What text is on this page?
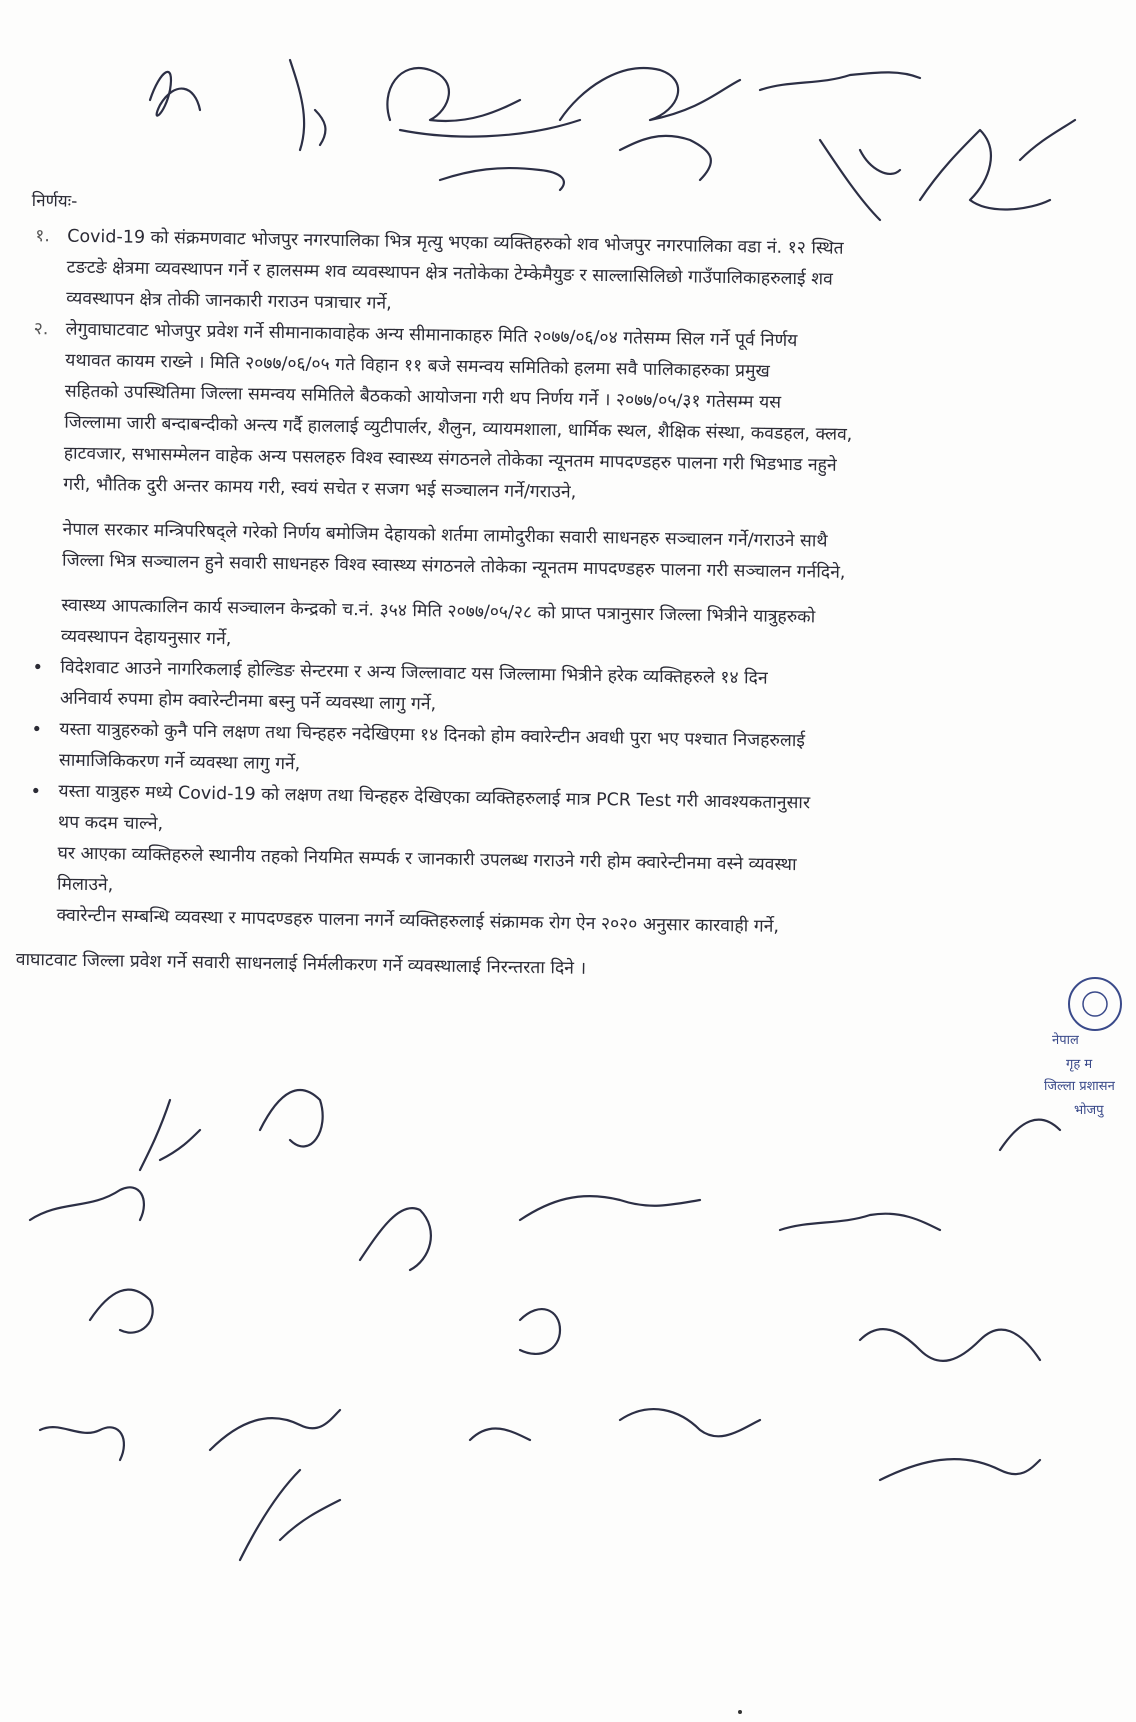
निर्णयः-
१. Covid-19 को संक्रमणवाट भोजपुर नगरपालिका भित्र मृत्यु भएका व्यक्तिहरुको शव भोजपुर नगरपालिका वडा नं. १२ स्थित
टङटङे क्षेत्रमा व्यवस्थापन गर्ने र हालसम्म शव व्यवस्थापन क्षेत्र नतोकेका टेम्केमैयुङ र साल्लासिलिछो गाउँपालिकाहरुलाई शव
व्यवस्थापन क्षेत्र तोकी जानकारी गराउन पत्राचार गर्ने,
२. लेगुवाघाटवाट भोजपुर प्रवेश गर्ने सीमानाकावाहेक अन्य सीमानाकाहरु मिति २०७७/०६/०४ गतेसम्म सिल गर्ने पूर्व निर्णय
यथावत कायम राख्ने । मिति २०७७/०६/०५ गते विहान ११ बजे समन्वय समितिको हलमा सवै पालिकाहरुका प्रमुख
सहितको उपस्थितिमा जिल्ला समन्वय समितिले बैठकको आयोजना गरी थप निर्णय गर्ने । २०७७/०५/३१ गतेसम्म यस
जिल्लामा जारी बन्दाबन्दीको अन्त्य गर्दै हाललाई व्युटीपार्लर, शैलुन, व्यायमशाला, धार्मिक स्थल, शैक्षिक संस्था, कवडहल, क्लव,
हाटवजार, सभासम्मेलन वाहेक अन्य पसलहरु विश्व स्वास्थ्य संगठनले तोकेका न्यूनतम मापदण्डहरु पालना गरी भिडभाड नहुने
गरी, भौतिक दुरी अन्तर कामय गरी, स्वयं सचेत र सजग भई सञ्चालन गर्ने/गराउने,
नेपाल सरकार मन्त्रिपरिषद्ले गरेको निर्णय बमोजिम देहायको शर्तमा लामोदुरीका सवारी साधनहरु सञ्चालन गर्ने/गराउने साथै
जिल्ला भित्र सञ्चालन हुने सवारी साधनहरु विश्व स्वास्थ्य संगठनले तोकेका न्यूनतम मापदण्डहरु पालना गरी सञ्चालन गर्नदिने,
स्वास्थ्य आपत्कालिन कार्य सञ्चालन केन्द्रको च.नं. ३५४ मिति २०७७/०५/२८ को प्राप्त पत्रानुसार जिल्ला भित्रीने यात्रुहरुको
व्यवस्थापन देहायनुसार गर्ने,
• विदेशवाट आउने नागरिकलाई होल्डिङ सेन्टरमा र अन्य जिल्लावाट यस जिल्लामा भित्रीने हरेक व्यक्तिहरुले १४ दिन
अनिवार्य रुपमा होम क्वारेन्टीनमा बस्नु पर्ने व्यवस्था लागु गर्ने,
• यस्ता यात्रुहरुको कुनै पनि लक्षण तथा चिन्हहरु नदेखिएमा १४ दिनको होम क्वारेन्टीन अवधी पुरा भए पश्चात निजहरुलाई
सामाजिकिकरण गर्ने व्यवस्था लागु गर्ने,
• यस्ता यात्रुहरु मध्ये Covid-19 को लक्षण तथा चिन्हहरु देखिएका व्यक्तिहरुलाई मात्र PCR Test गरी आवश्यकतानुसार
थप कदम चाल्ने,
घर आएका व्यक्तिहरुले स्थानीय तहको नियमित सम्पर्क र जानकारी उपलब्ध गराउने गरी होम क्वारेन्टीनमा वस्ने व्यवस्था
मिलाउने,
क्वारेन्टीन सम्बन्धि व्यवस्था र मापदण्डहरु पालना नगर्ने व्यक्तिहरुलाई संक्रामक रोग ऐन २०२० अनुसार कारवाही गर्ने,
वाघाटवाट जिल्ला प्रवेश गर्ने सवारी साधनलाई निर्मलीकरण गर्ने व्यवस्थालाई निरन्तरता दिने ।
नेपाल
गृह म
जिल्ला प्रशासन
भोजपु
